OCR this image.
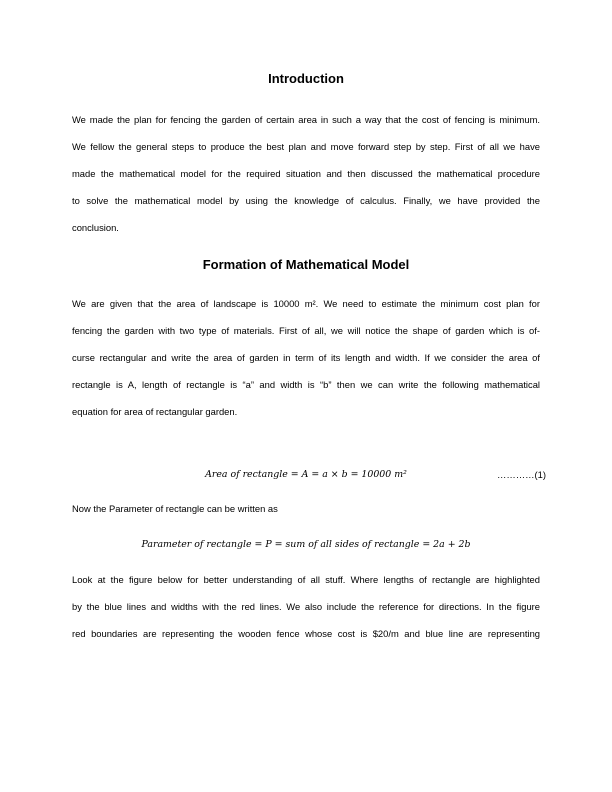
Introduction
We made the plan for fencing the garden of certain area in such a way that the cost of fencing is minimum.
We fellow the general steps to produce the best plan and move forward step by step. First of all we have
made the mathematical model for the required situation and then discussed the mathematical procedure
to solve the mathematical model by using the knowledge of calculus. Finally, we have provided the
conclusion.
Formation of Mathematical Model
We are given that the area of landscape is 10000 m². We need to estimate the minimum cost plan for
fencing the garden with two type of materials. First of all, we will notice the shape of garden which is of-
curse rectangular and write the area of garden in term of its length and width. If we consider the area of
rectangle is A, length of rectangle is “a” and width is “b” then we can write the following mathematical
equation for area of rectangular garden.
Area of rectangle = A = a × b = 10000 m²	…………(1)
Now the Parameter of rectangle can be written as
Parameter of rectangle = P = sum of all sides of rectangle = 2a + 2b
Look at the figure below for better understanding of all stuff. Where lengths of rectangle are highlighted
by the blue lines and widths with the red lines. We also include the reference for directions. In the figure
red boundaries are representing the wooden fence whose cost is $20/m and blue line are representing
